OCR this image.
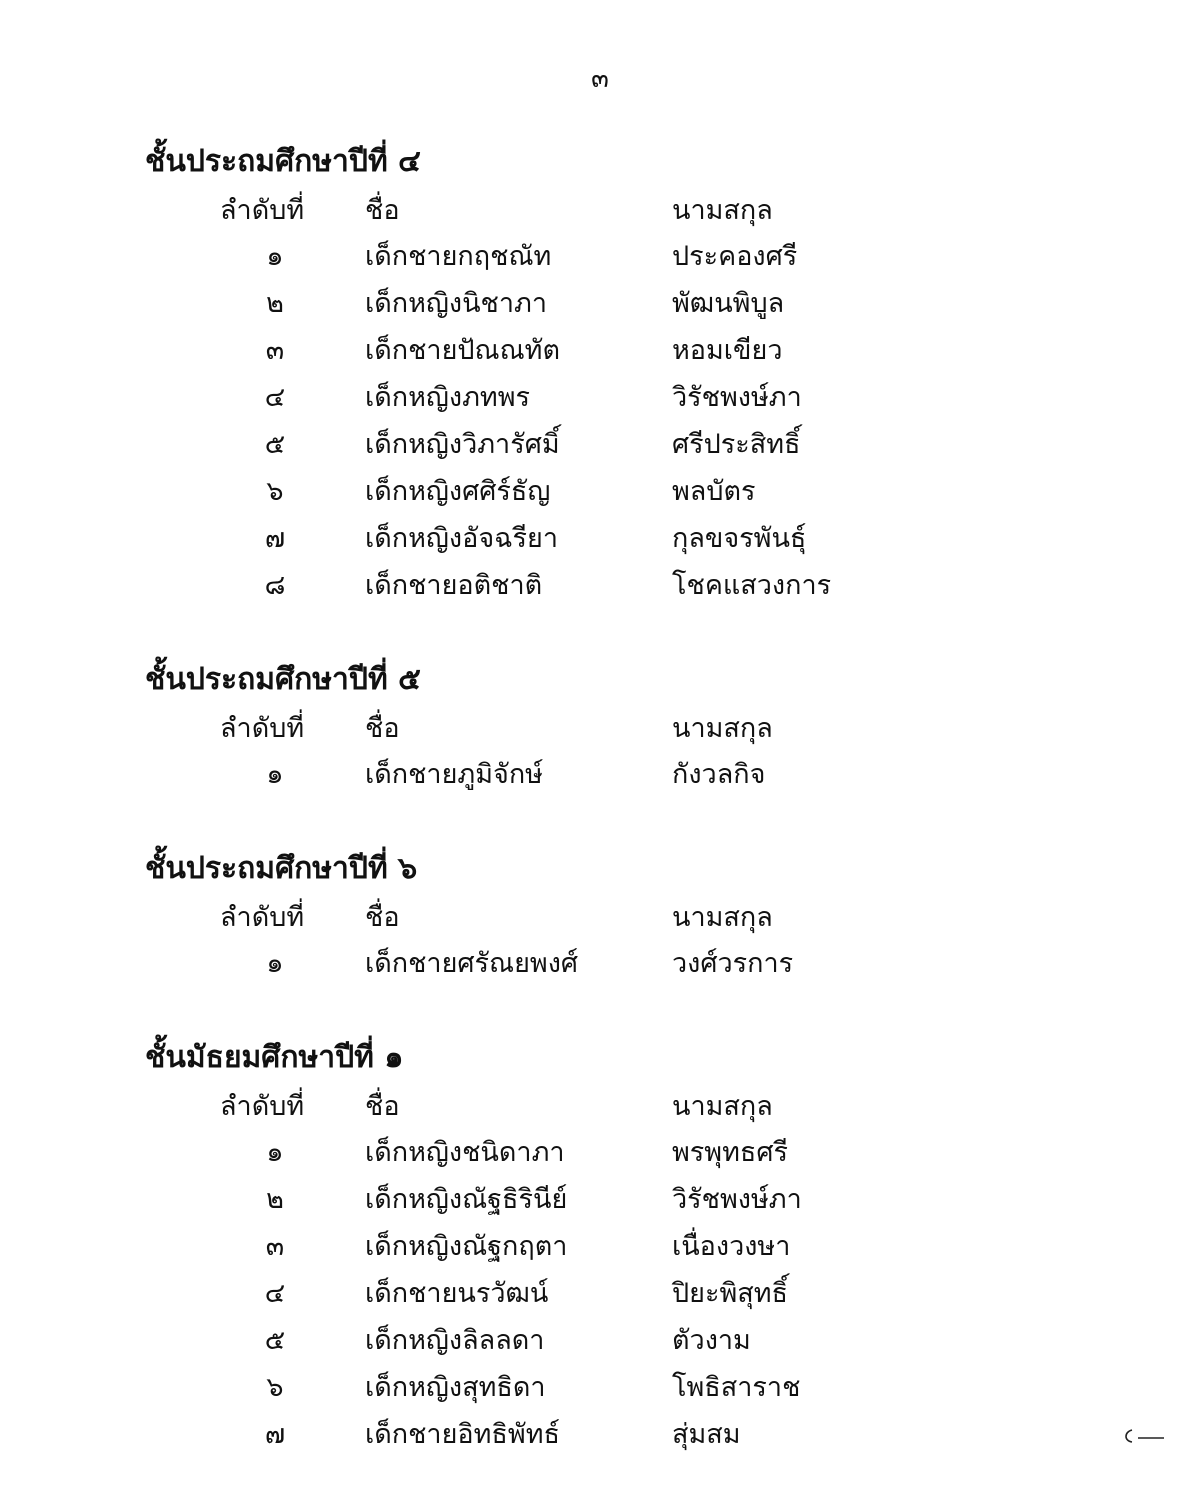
๓
ชั้นประถมศึกษาปีที่ ๔
ลำดับที่ ชื่อ	นามสกุล
๑	เด็กชายกฤชณัท	ประคองศรี
๒	เด็กหญิงนิชาภา	พัฒนพิบูล
๓	เด็กชายปัณณทัต	หอมเขียว
๔	เด็กหญิงภทพร	วิรัชพงษ์ภา
๕	เด็กหญิงวิภารัศมิ์	ศรีประสิทธิ์
๖	เด็กหญิงศศิร์ธัญ	พลบัตร
๗	เด็กหญิงอัจฉรียา	กุลขจรพันธุ์
๘	เด็กชายอติชาติ	โชคแสวงการ
ชั้นประถมศึกษาปีที่ ๕
ลำดับที่ ชื่อ	นามสกุล
๑	เด็กชายภูมิจักษ์	กังวลกิจ
ชั้นประถมศึกษาปีที่ ๖
ลำดับที่ ชื่อ	นามสกุล
๑	เด็กชายศรัณยพงศ์	วงศ์วรการ
ชั้นมัธยมศึกษาปีที่ ๑
ลำดับที่ ชื่อ	นามสกุล
๑	เด็กหญิงชนิดาภา	พรพุทธศรี
๒	เด็กหญิงณัฐธิรินีย์	วิรัชพงษ์ภา
๓	เด็กหญิงณัฐกฤตา	เนื่องวงษา
๔	เด็กชายนรวัฒน์	ปิยะพิสุทธิ์
๕	เด็กหญิงลิลลดา	ตัวงาม
๖	เด็กหญิงสุทธิดา	โพธิสาราช
๗	เด็กชายอิทธิพัทธ์	สุ่มสม
